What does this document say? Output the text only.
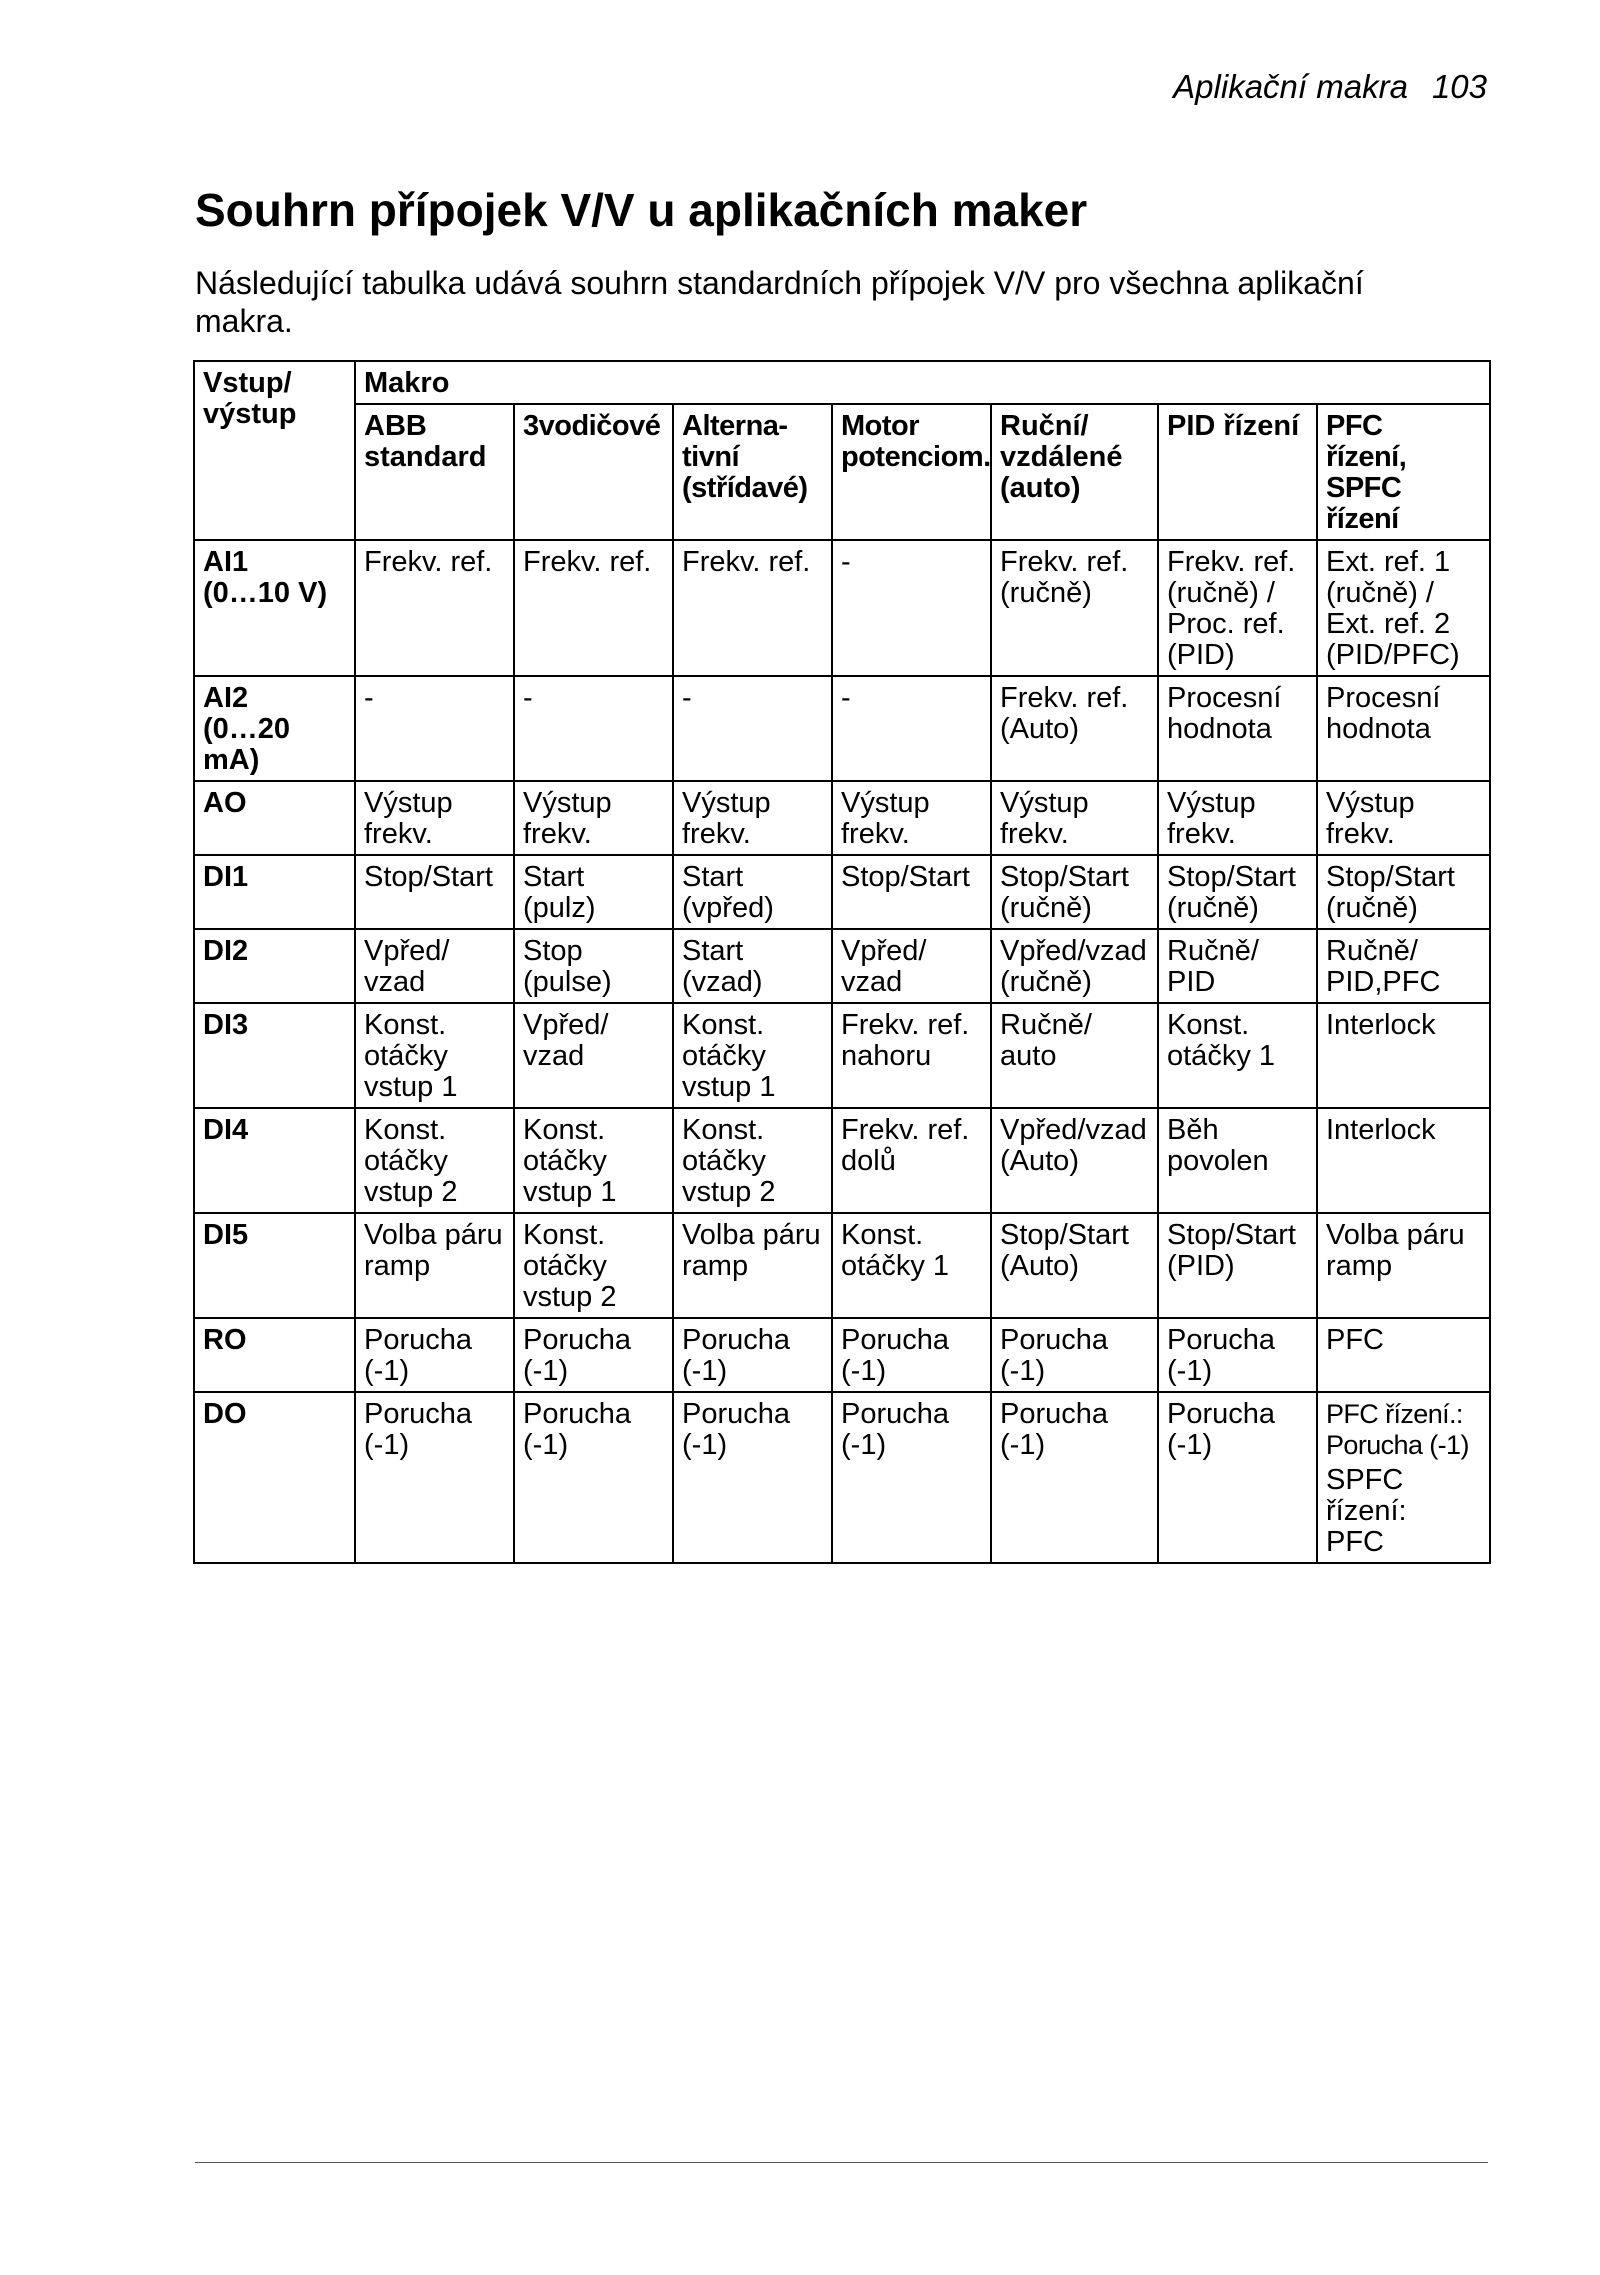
Aplikační makra 103
Souhrn přípojek V/V u aplikačních maker

Následující tabulka udává souhrn standardních přípojek V/V pro všechna aplikační makra.

Vstup/
výstup	Makro						

	ABB
standard	3vodičové	Alterna-
tivní
(střídavé)	Motor
potenciom.	Ruční/
vzdálené
(auto)	PID řízení	PFC
řízení,
SPFC
řízení

AI1
(0…10 V)	Frekv. ref.	Frekv. ref.	Frekv. ref.	-	Frekv. ref.
(ručně)	Frekv. ref.
(ručně) /
Proc. ref.
(PID)	Ext. ref. 1
(ručně) /
Ext. ref. 2
(PID/PFC)

AI2
(0…20 mA)	-	-	-	-	Frekv. ref.
(Auto)	Procesní
hodnota	Procesní
hodnota

AO	Výstup
frekv.	Výstup
frekv.	Výstup
frekv.	Výstup
frekv.	Výstup
frekv.	Výstup
frekv.	Výstup
frekv.

DI1	Stop/Start	Start
(pulz)	Start
(vpřed)	Stop/Start	Stop/Start
(ručně)	Stop/Start
(ručně)	Stop/Start
(ručně)

DI2	Vpřed/
vzad	Stop
(pulse)	Start
(vzad)	Vpřed/
vzad	Vpřed/vzad
(ručně)	Ručně/
PID	Ručně/
PID,PFC

DI3	Konst.
otáčky
vstup 1	Vpřed/
vzad	Konst.
otáčky
vstup 1	Frekv. ref.
nahoru	Ručně/
auto	Konst.
otáčky 1	Interlock

DI4	Konst.
otáčky
vstup 2	Konst.
otáčky
vstup 1	Konst.
otáčky
vstup 2	Frekv. ref.
dolů	Vpřed/vzad
(Auto)	Běh
povolen	Interlock

DI5	Volba páru
ramp	Konst.
otáčky
vstup 2	Volba páru
ramp	Konst.
otáčky 1	Stop/Start
(Auto)	Stop/Start
(PID)	Volba páru
ramp

RO	Porucha
(-1)	Porucha
(-1)	Porucha
(-1)	Porucha
(-1)	Porucha
(-1)	Porucha
(-1)	PFC

DO	Porucha
(-1)	Porucha
(-1)	Porucha
(-1)	Porucha
(-1)	Porucha
(-1)	Porucha
(-1)	PFC řízení.:
Porucha (-1)
SPFC
řízení:
PFC
